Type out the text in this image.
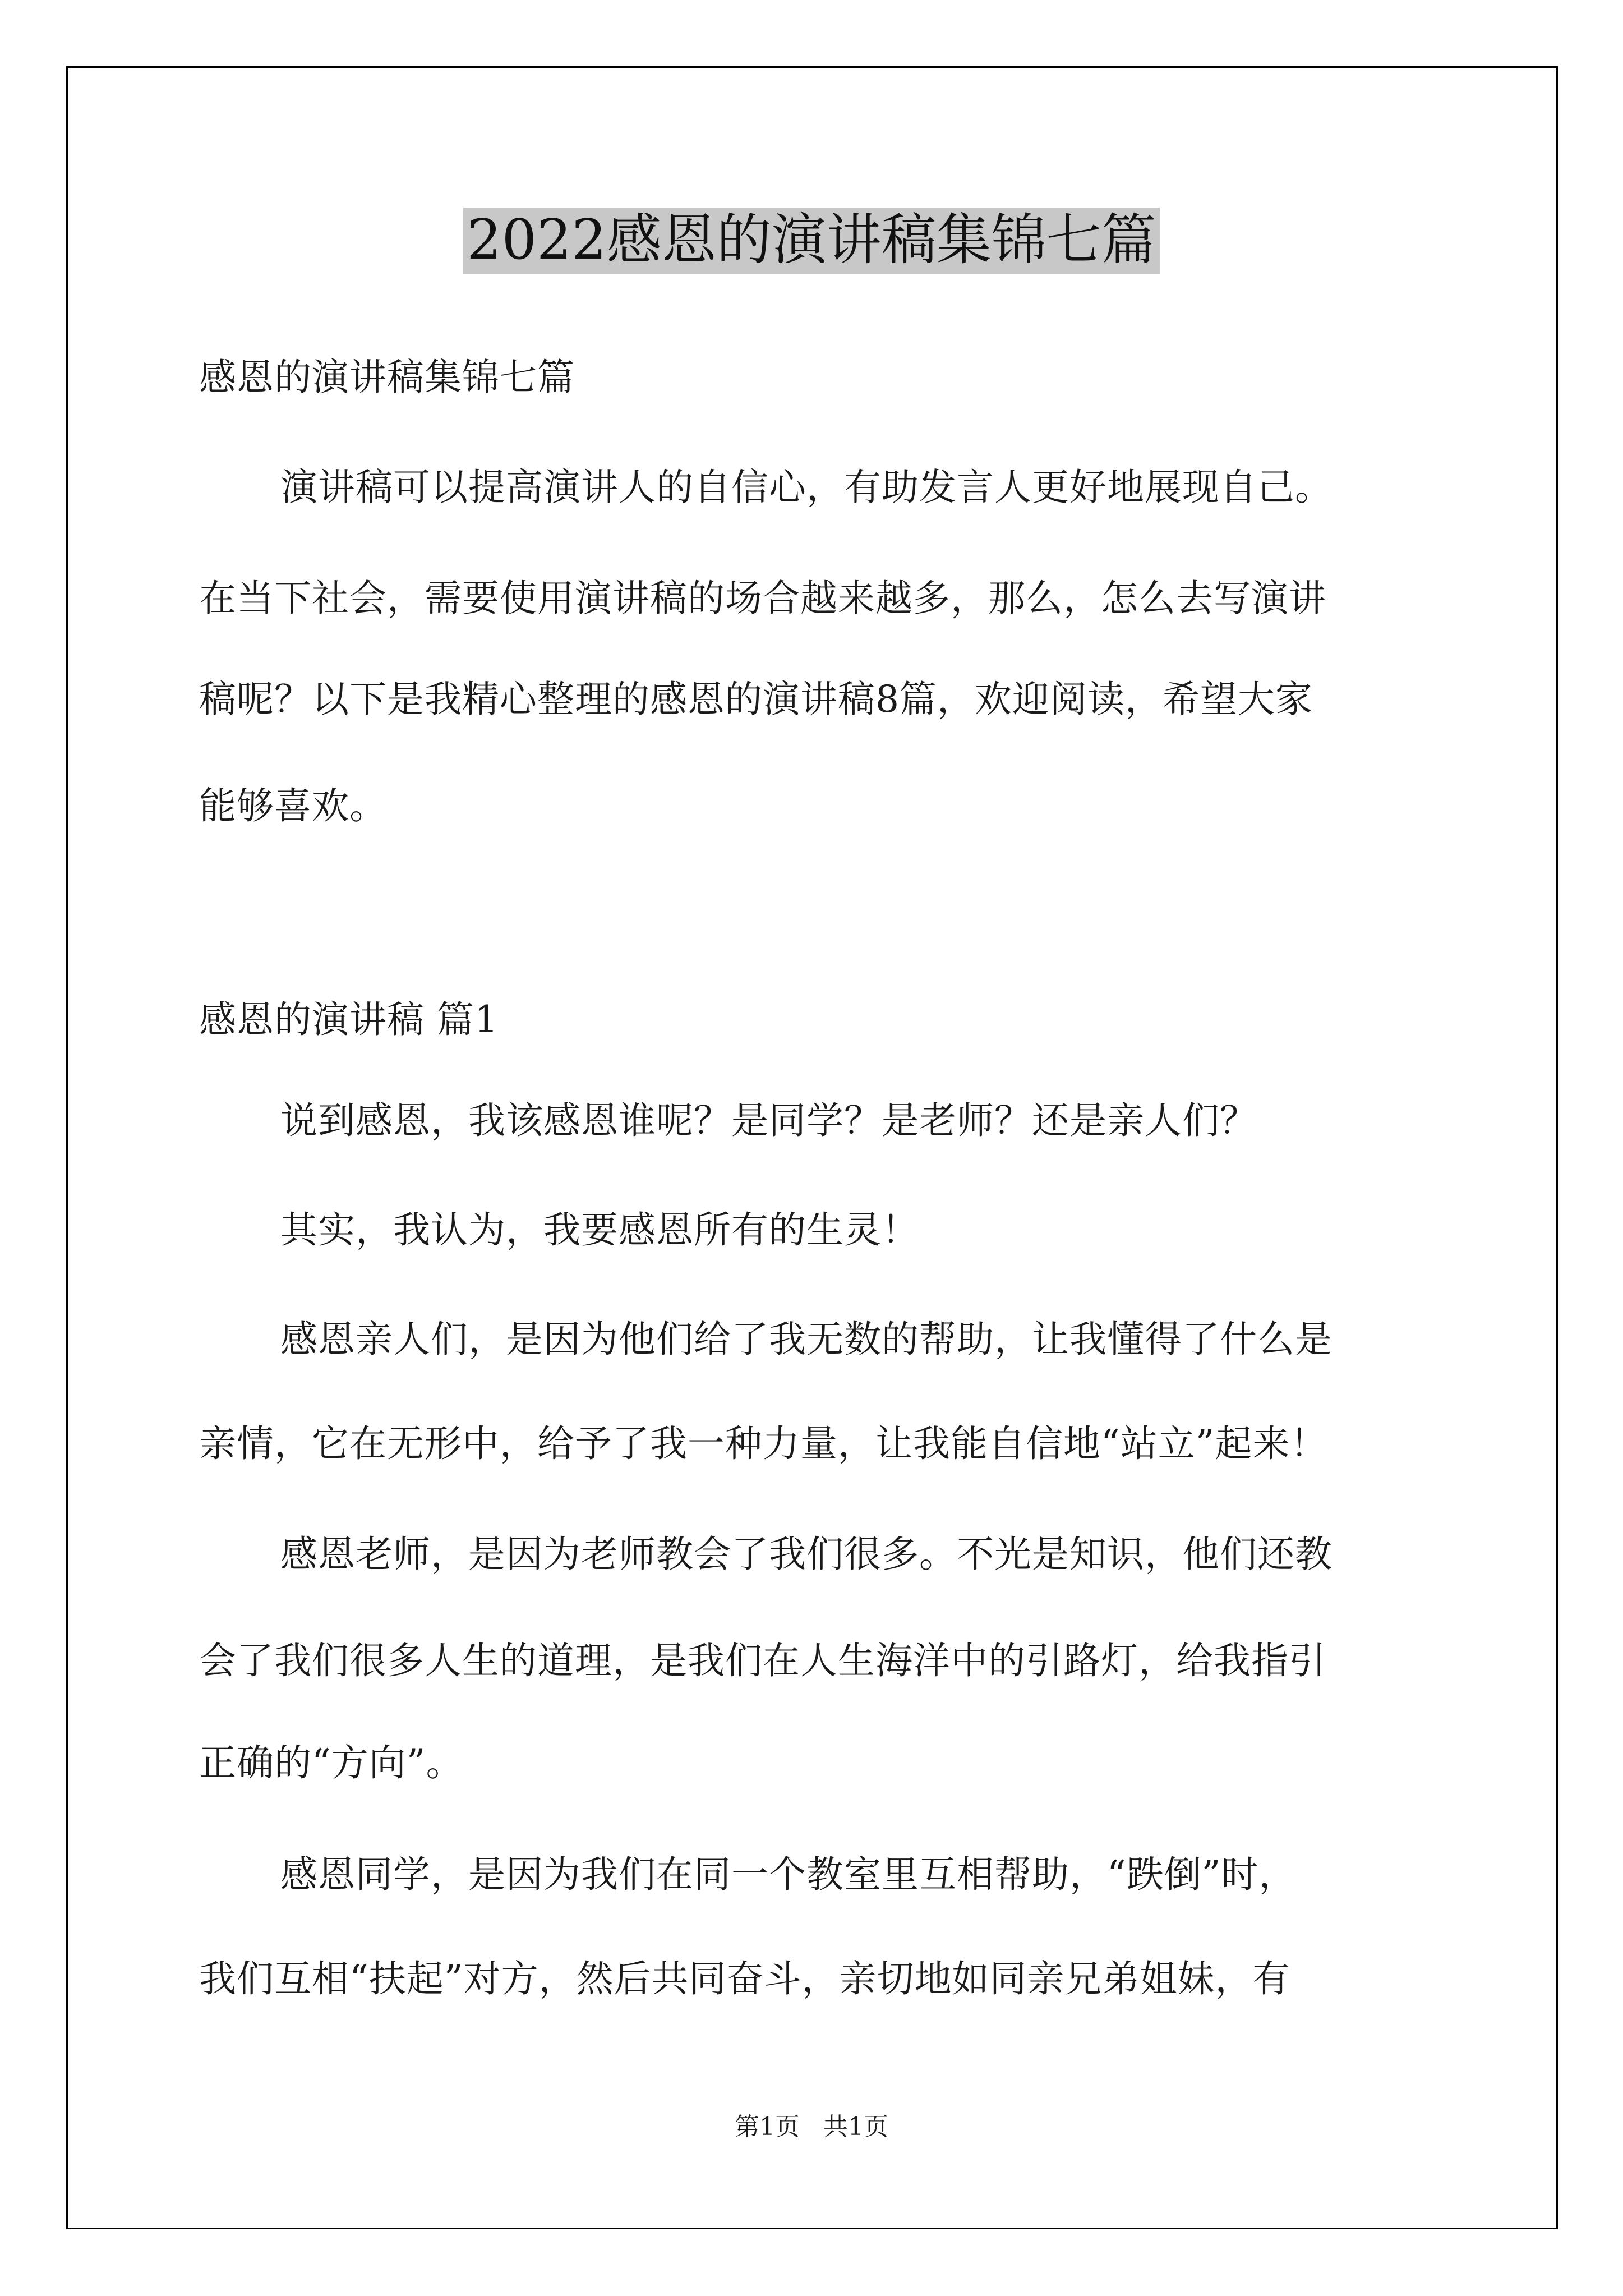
2022感恩的演讲稿集锦七篇
感恩的演讲稿集锦七篇
演讲稿可以提高演讲人的自信心，有助发言人更好地展现自己。
在当下社会，需要使用演讲稿的场合越来越多，那么，怎么去写演讲
稿呢？以下是我精心整理的感恩的演讲稿8篇，欢迎阅读，希望大家
能够喜欢。
感恩的演讲稿 篇1
说到感恩，我该感恩谁呢？是同学？是老师？还是亲人们？
其实，我认为，我要感恩所有的生灵！
感恩亲人们，是因为他们给了我无数的帮助，让我懂得了什么是
亲情，它在无形中，给予了我一种力量，让我能自信地“站立”起来！
感恩老师，是因为老师教会了我们很多。不光是知识，他们还教
会了我们很多人生的道理，是我们在人生海洋中的引路灯，给我指引
正确的“方向”。
感恩同学，是因为我们在同一个教室里互相帮助，“跌倒”时，
我们互相“扶起”对方，然后共同奋斗，亲切地如同亲兄弟姐妹，有
第1页   共1页
